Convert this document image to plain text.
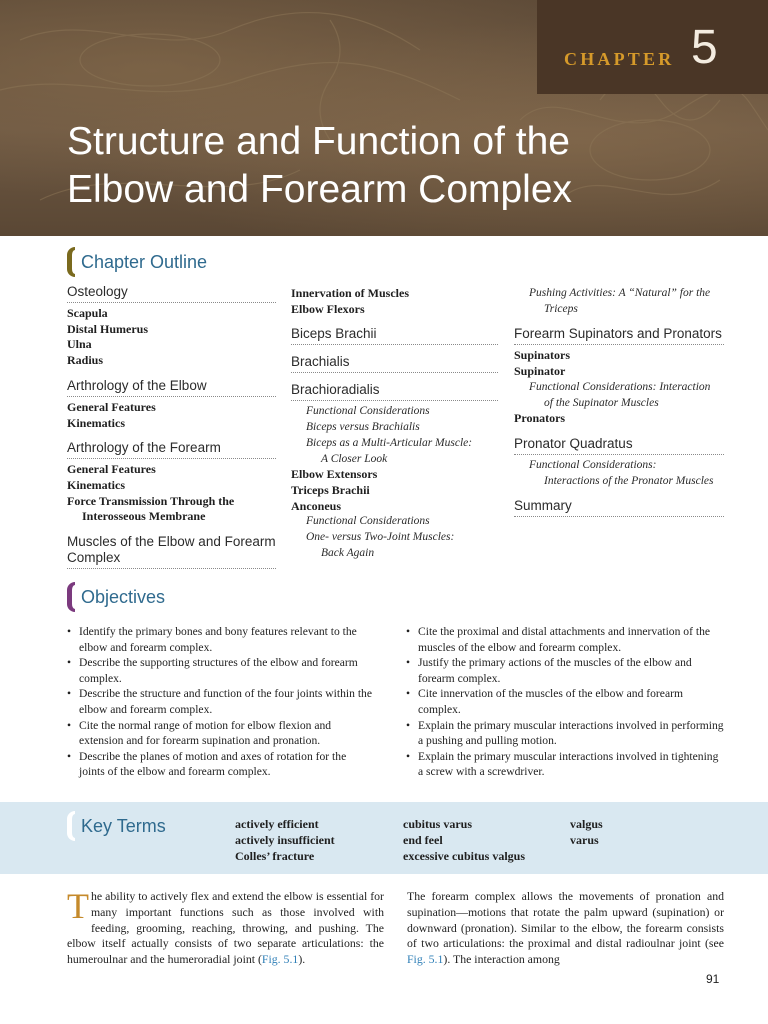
CHAPTER 5
Structure and Function of the
Elbow and Forearm Complex
Chapter Outline
Osteology
Scapula
Distal Humerus
Ulna
Radius
Arthrology of the Elbow
General Features
Kinematics
Arthrology of the Forearm
General Features
Kinematics
Force Transmission Through the
Interosseous Membrane
Muscles of the Elbow and Forearm Complex
Innervation of Muscles
Elbow Flexors
Biceps Brachii
Brachialis
Brachioradialis
Functional Considerations
Biceps versus Brachialis
Biceps as a Multi-Articular Muscle:
A Closer Look
Elbow Extensors
Triceps Brachii
Anconeus
Functional Considerations
One- versus Two-Joint Muscles:
Back Again
Pushing Activities: A “Natural” for the
Triceps
Forearm Supinators and Pronators
Supinators
Supinator
Functional Considerations: Interaction
of the Supinator Muscles
Pronators
Pronator Quadratus
Functional Considerations:
Interactions of the Pronator Muscles
Summary
Objectives
• Identify the primary bones and bony features relevant to the elbow and forearm complex.
• Describe the supporting structures of the elbow and forearm complex.
• Describe the structure and function of the four joints within the elbow and forearm complex.
• Cite the normal range of motion for elbow flexion and extension and for forearm supination and pronation.
• Describe the planes of motion and axes of rotation for the joints of the elbow and forearm complex.
• Cite the proximal and distal attachments and innervation of the muscles of the elbow and forearm complex.
• Justify the primary actions of the muscles of the elbow and forearm complex.
• Cite innervation of the muscles of the elbow and forearm complex.
• Explain the primary muscular interactions involved in performing a pushing and pulling motion.
• Explain the primary muscular interactions involved in tightening a screw with a screwdriver.
Key Terms	actively efficient
actively insufficient
Colles’ fracture
cubitus varus
end feel
excessive cubitus valgus
valgus
varus
The ability to actively flex and extend the elbow is essential for many important functions such as those involved with feeding, grooming, reaching, throwing, and pushing. The elbow itself actually consists of two separate articulations: the humeroulnar and the humeroradial joint (Fig. 5.1).
The forearm complex allows the movements of pronation and supination—motions that rotate the palm upward (supination) or downward (pronation). Similar to the elbow, the forearm consists of two articulations: the proximal and distal radioulnar joint (see Fig. 5.1). The interaction among
91
